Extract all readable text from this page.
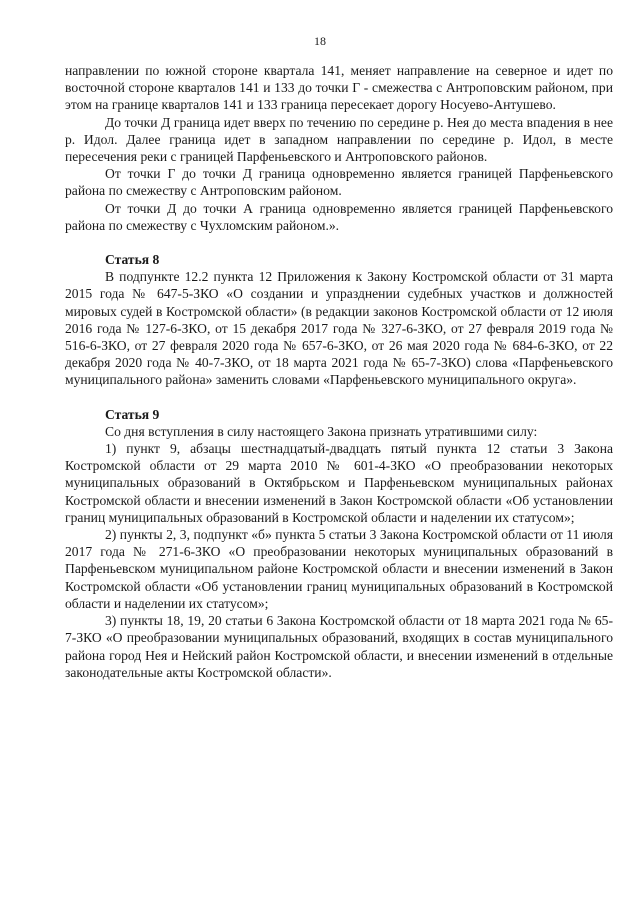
18

направлении по южной стороне квартала 141, меняет направление на северное и идет по восточной стороне кварталов 141 и 133 до точки Г - смежества с Антроповским районом, при этом на границе кварталов 141 и 133 граница пересекает дорогу Носуево-Антушево.

До точки Д граница идет вверх по течению по середине р. Нея до места впадения в нее р. Идол. Далее граница идет в западном направлении по середине р. Идол, в месте пересечения реки с границей Парфеньевского и Антроповского районов.

От точки Г до точки Д граница одновременно является границей Парфеньевского района по смежеству с Антроповским районом.

От точки Д до точки А граница одновременно является границей Парфеньевского района по смежеству с Чухломским районом.».

Статья 8

В подпункте 12.2 пункта 12 Приложения к Закону Костромской области от 31 марта 2015 года № 647-5-ЗКО «О создании и упразднении судебных участков и должностей мировых судей в Костромской области» (в редакции законов Костромской области от 12 июля 2016 года № 127-6-ЗКО, от 15 декабря 2017 года № 327-6-ЗКО, от 27 февраля 2019 года № 516-6-ЗКО, от 27 февраля 2020 года № 657-6-ЗКО, от 26 мая 2020 года № 684-6-ЗКО, от 22 декабря 2020 года № 40-7-ЗКО, от 18 марта 2021 года № 65-7-ЗКО) слова «Парфеньевского муниципального района» заменить словами «Парфеньевского муниципального округа».

Статья 9

Со дня вступления в силу настоящего Закона признать утратившими силу:

1) пункт 9, абзацы шестнадцатый-двадцать пятый пункта 12 статьи 3 Закона Костромской области от 29 марта 2010 № 601-4-ЗКО «О преобразовании некоторых муниципальных образований в Октябрьском и Парфеньевском муниципальных районах Костромской области и внесении изменений в Закон Костромской области «Об установлении границ муниципальных образований в Костромской области и наделении их статусом»;

2) пункты 2, 3, подпункт «б» пункта 5 статьи 3 Закона Костромской области от 11 июля 2017 года № 271-6-ЗКО «О преобразовании некоторых муниципальных образований в Парфеньевском муниципальном районе Костромской области и внесении изменений в Закон Костромской области «Об установлении границ муниципальных образований в Костромской области и наделении их статусом»;

3) пункты 18, 19, 20 статьи 6 Закона Костромской области от 18 марта 2021 года № 65-7-ЗКО «О преобразовании муниципальных образований, входящих в состав муниципального района город Нея и Нейский район Костромской области, и внесении изменений в отдельные законодательные акты Костромской области».
